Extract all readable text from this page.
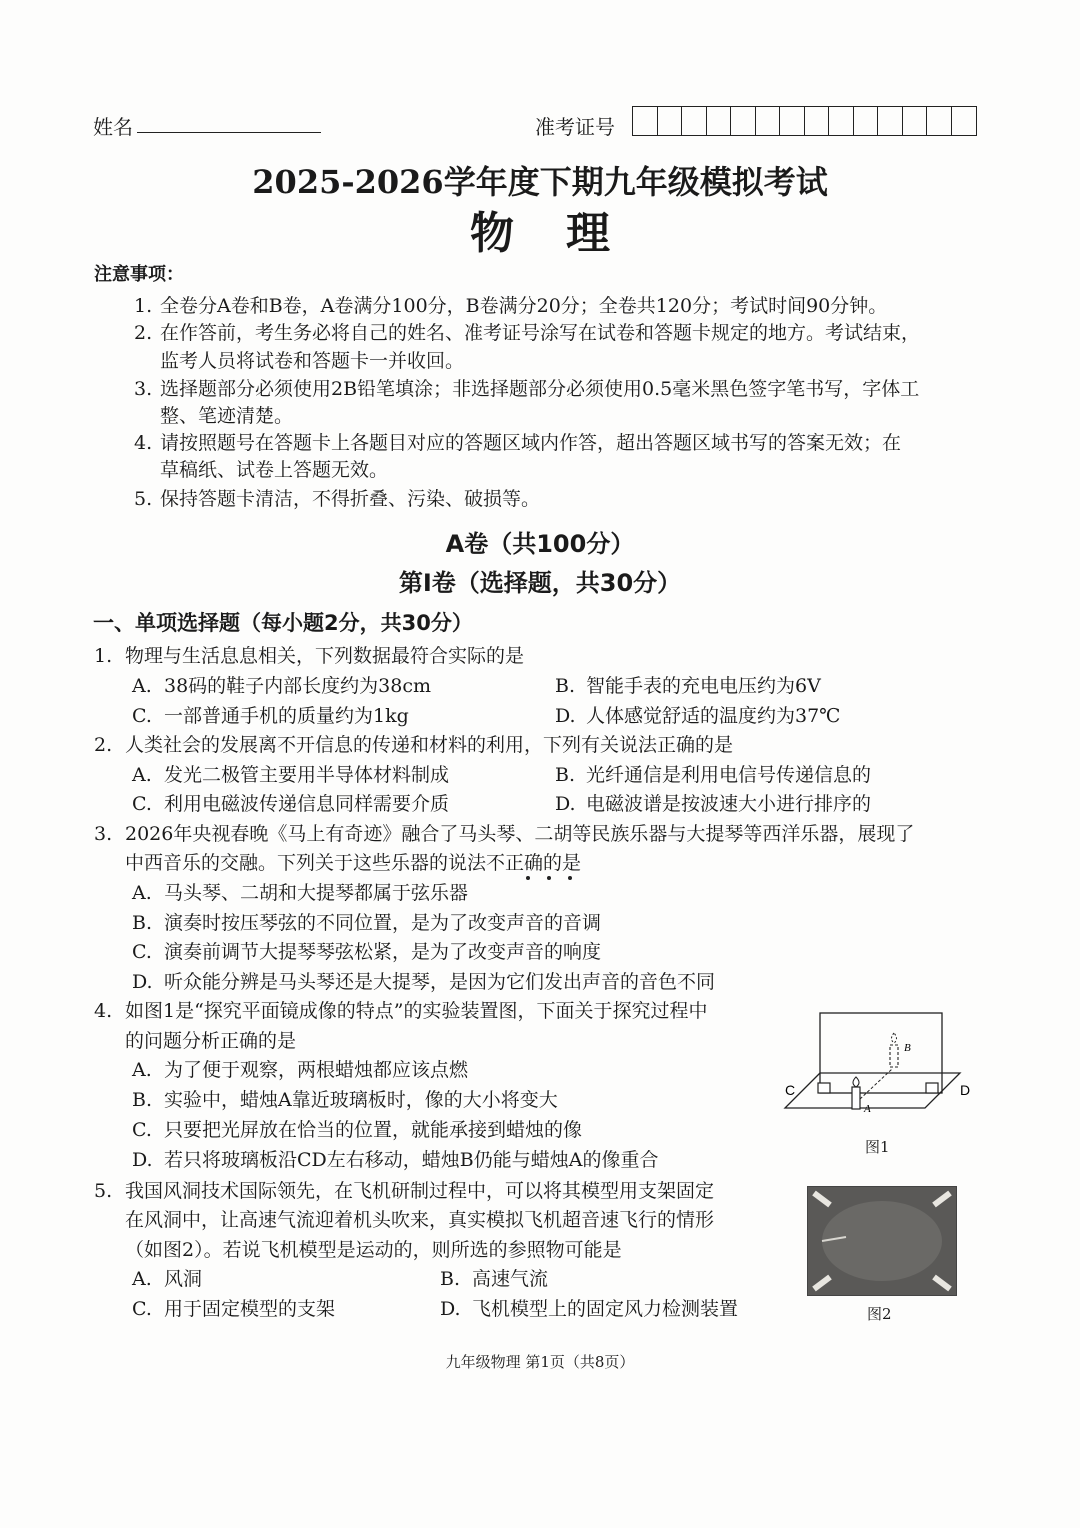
姓名	准考证号
2025-2026学年度下期九年级模拟考试
物理
注意事项：
1. 全卷分A卷和B卷，A卷满分100分，B卷满分20分；全卷共120分；考试时间90分钟。
2. 在作答前，考生务必将自己的姓名、准考证号涂写在试卷和答题卡规定的地方。考试结束，
监考人员将试卷和答题卡一并收回。
3. 选择题部分必须使用2B铅笔填涂；非选择题部分必须使用0.5毫米黑色签字笔书写，字体工
整、笔迹清楚。
4. 请按照题号在答题卡上各题目对应的答题区域内作答，超出答题区域书写的答案无效；在
草稿纸、试卷上答题无效。
5. 保持答题卡清洁，不得折叠、污染、破损等。
A卷（共100分）
第Ⅰ卷（选择题，共30分）
一、单项选择题（每小题2分，共30分）
1. 物理与生活息息相关，下列数据最符合实际的是
A. 38码的鞋子内部长度约为38cm	B. 智能手表的充电电压约为6V
C. 一部普通手机的质量约为1kg	D. 人体感觉舒适的温度约为37℃
2. 人类社会的发展离不开信息的传递和材料的利用，下列有关说法正确的是
A. 发光二极管主要用半导体材料制成	B. 光纤通信是利用电信号传递信息的
C. 利用电磁波传递信息同样需要介质	D. 电磁波谱是按波速大小进行排序的
3. 2026年央视春晚《马上有奇迹》融合了马头琴、二胡等民族乐器与大提琴等西洋乐器，展现了
中西音乐的交融。下列关于这些乐器的说法不正确的是
A. 马头琴、二胡和大提琴都属于弦乐器
B. 演奏时按压琴弦的不同位置，是为了改变声音的音调
C. 演奏前调节大提琴琴弦松紧，是为了改变声音的响度
D. 听众能分辨是马头琴还是大提琴，是因为它们发出声音的音色不同
4. 如图1是“探究平面镜成像的特点”的实验装置图，下面关于探究过程中
的问题分析正确的是
A. 为了便于观察，两根蜡烛都应该点燃
B. 实验中，蜡烛A靠近玻璃板时，像的大小将变大
C. 只要把光屏放在恰当的位置，就能承接到蜡烛的像
D. 若只将玻璃板沿CD左右移动，蜡烛B仍能与蜡烛A的像重合
C	D
A
B
图1
5. 我国风洞技术国际领先，在飞机研制过程中，可以将其模型用支架固定
在风洞中，让高速气流迎着机头吹来，真实模拟飞机超音速飞行的情形
（如图2）。若说飞机模型是运动的，则所选的参照物可能是
A. 风洞	B. 高速气流
C. 用于固定模型的支架	D. 飞机模型上的固定风力检测装置	图2
九年级物理 第1页（共8页）
